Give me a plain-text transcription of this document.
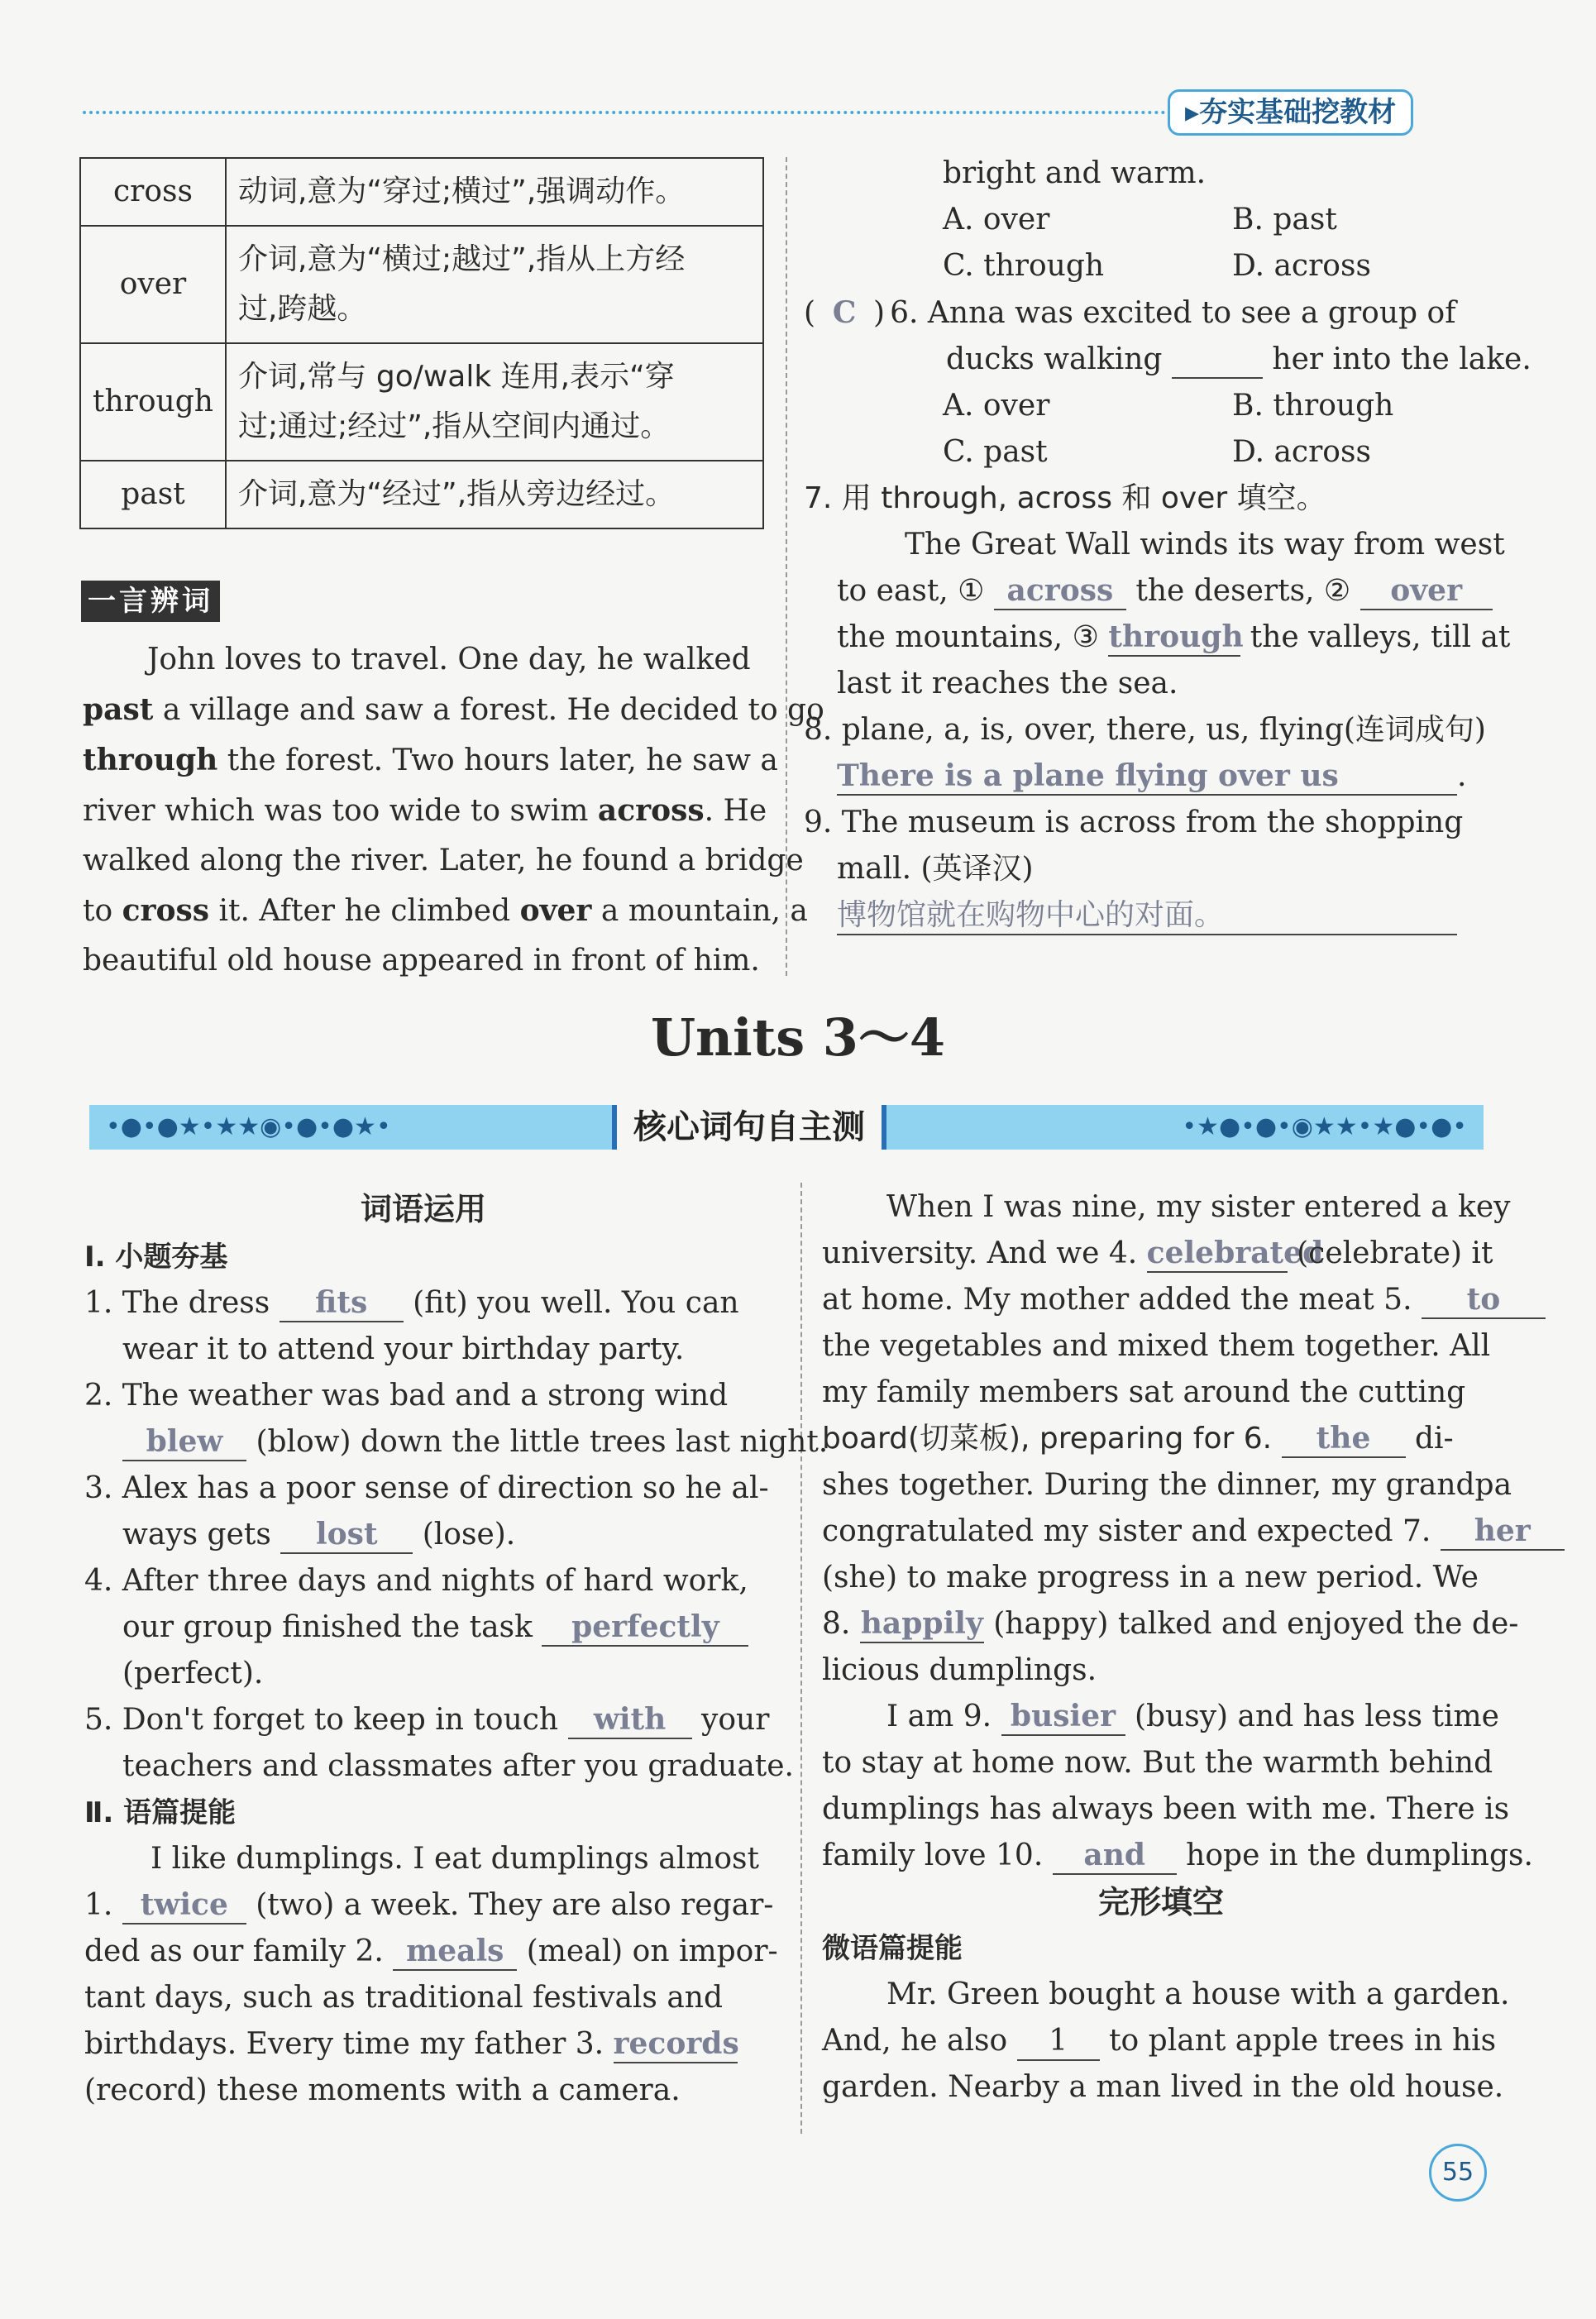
▸夯实基础挖教材
cross	动词,意为“穿过;横过”,强调动作。
over	介词,意为“横过;越过”,指从上方经
过,跨越。

through	介词,常与 go/walk 连用,表示“穿
过;通过;经过”,指从空间内通过。

past	介词,意为“经过”,指从旁边经过。
一言辨词
John loves to travel. One day, he walked
past a village and saw a forest. He decided to go
through the forest. Two hours later, he saw a
river which was too wide to swim across. He
walked along the river. Later, he found a bridge
to cross it. After he climbed over a mountain, a
beautiful old house appeared in front of him.
bright and warm.
A. over	B. past
C. through	D. across
( C ) 6. Anna was excited to see a group of
ducks walking	her into the lake.
A. over	B. through
C. past	D. across
7. 用 through, across 和 over 填空。
The Great Wall winds its way from west
to east, ① across the deserts, ② over
the mountains, ③ through the valleys, till at
last it reaches the sea.
8. plane, a, is, over, there, us, flying(连词成句)
There is a plane flying over us	.
9. The museum is across from the shopping
mall. (英译汉)
博物馆就在购物中心的对面。
Units 3～4
•●•●★•★★◉•●•●★•	•★●•●•◉★★•★●•●•
核心词句自主测
词语运用
Ⅰ. 小题夯基
1. The dress fits (fit) you well. You can
wear it to attend your birthday party.
2. The weather was bad and a strong wind
blew (blow) down the little trees last night.
3. Alex has a poor sense of direction so he al-
ways gets lost (lose).
4. After three days and nights of hard work,
our group finished the task perfectly
(perfect).
5. Don't forget to keep in touch with your
teachers and classmates after you graduate.
Ⅱ. 语篇提能
I like dumplings. I eat dumplings almost
1. twice (two) a week. They are also regar-
ded as our family 2. meals (meal) on impor-
tant days, such as traditional festivals and
birthdays. Every time my father 3. records
(record) these moments with a camera.
When I was nine, my sister entered a key
university. And we 4. celebrated (celebrate) it
at home. My mother added the meat 5. to
the vegetables and mixed them together. All
my family members sat around the cutting
board(切菜板), preparing for 6. the di-
shes together. During the dinner, my grandpa
congratulated my sister and expected 7. her
(she) to make progress in a new period. We
8. happily (happy) talked and enjoyed the de-
licious dumplings.
I am 9. busier (busy) and has less time
to stay at home now. But the warmth behind
dumplings has always been with me. There is
family love 10. and hope in the dumplings.
完形填空
微语篇提能
Mr. Green bought a house with a garden.
And, he also 1 to plant apple trees in his
garden. Nearby a man lived in the old house.
55
